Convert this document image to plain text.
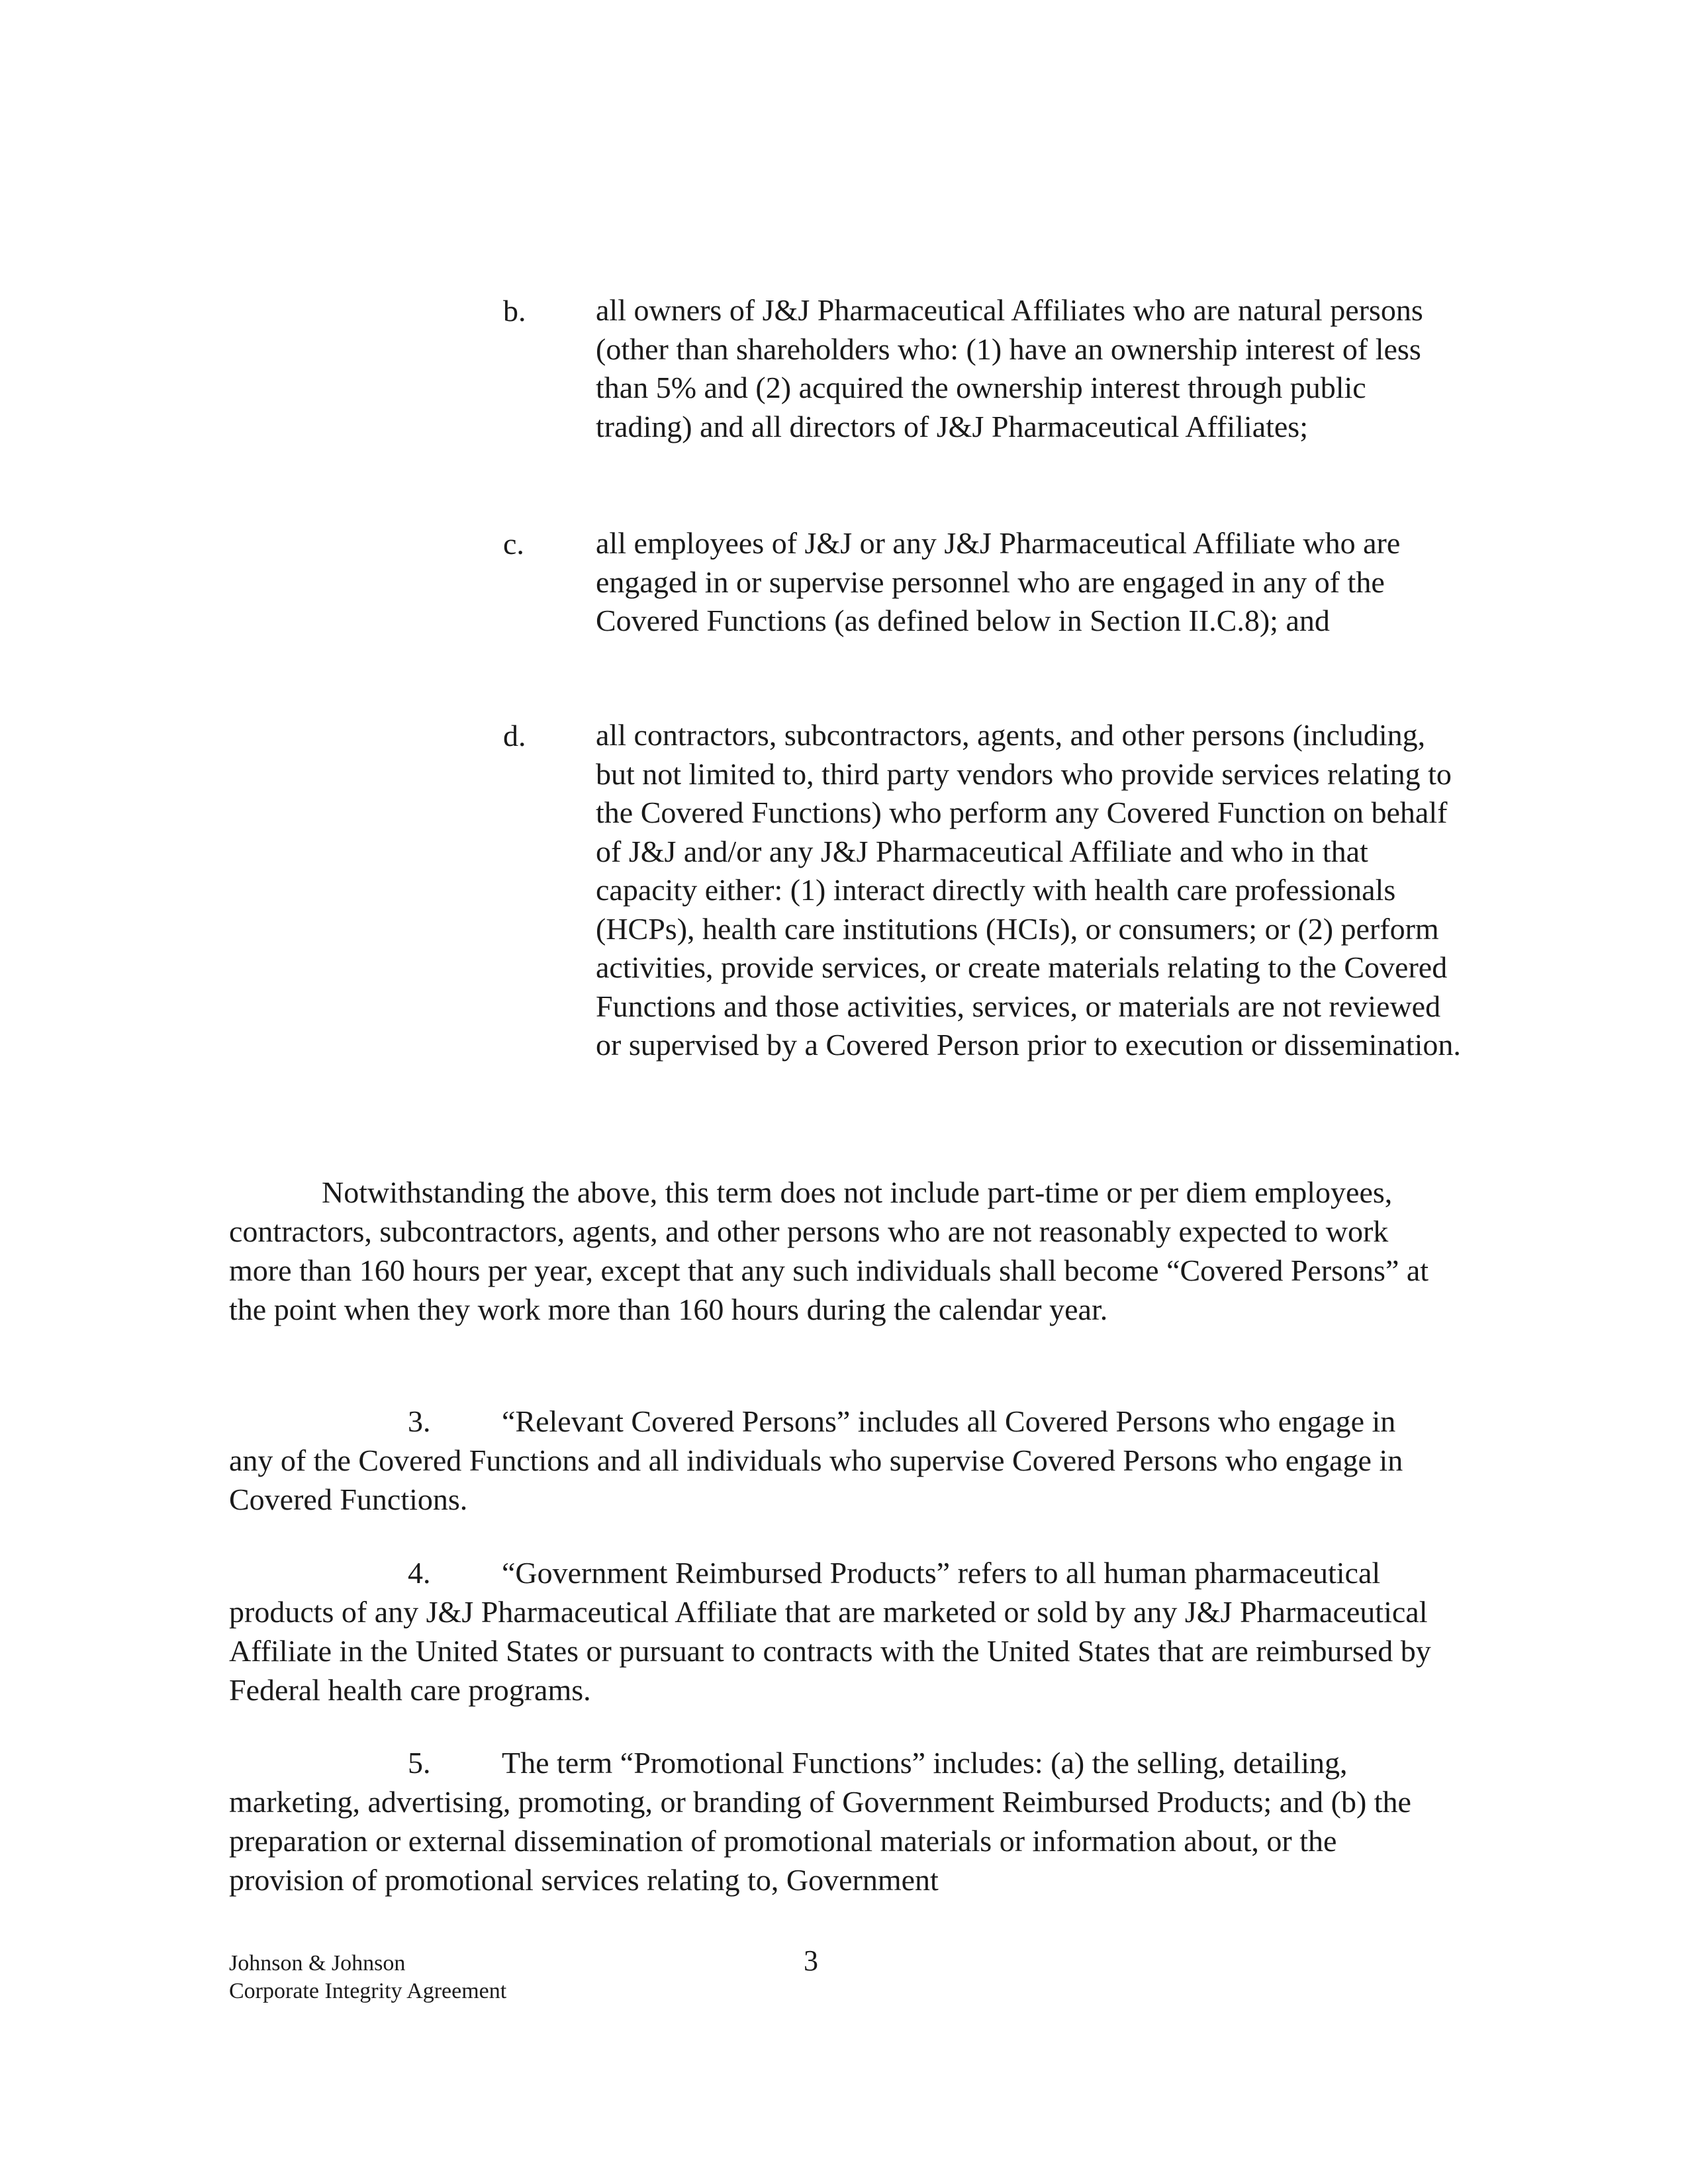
b. all owners of J&J Pharmaceutical Affiliates who are natural persons (other than shareholders who: (1) have an ownership interest of less than 5% and (2) acquired the ownership interest through public trading) and all directors of J&J Pharmaceutical Affiliates;

c. all employees of J&J or any J&J Pharmaceutical Affiliate who are engaged in or supervise personnel who are engaged in any of the Covered Functions (as defined below in Section II.C.8); and

d. all contractors, subcontractors, agents, and other persons (including, but not limited to, third party vendors who provide services relating to the Covered Functions) who perform any Covered Function on behalf of J&J and/or any J&J Pharmaceutical Affiliate and who in that capacity either: (1) interact directly with health care professionals (HCPs), health care institutions (HCIs), or consumers; or (2) perform activities, provide services, or create materials relating to the Covered Functions and those activities, services, or materials are not reviewed or supervised by a Covered Person prior to execution or dissemination.

Notwithstanding the above, this term does not include part-time or per diem employees, contractors, subcontractors, agents, and other persons who are not reasonably expected to work more than 160 hours per year, except that any such individuals shall become “Covered Persons” at the point when they work more than 160 hours during the calendar year.

3. “Relevant Covered Persons” includes all Covered Persons who engage in any of the Covered Functions and all individuals who supervise Covered Persons who engage in Covered Functions.

4. “Government Reimbursed Products” refers to all human pharmaceutical products of any J&J Pharmaceutical Affiliate that are marketed or sold by any J&J Pharmaceutical Affiliate in the United States or pursuant to contracts with the United States that are reimbursed by Federal health care programs.

5. The term “Promotional Functions” includes: (a) the selling, detailing, marketing, advertising, promoting, or branding of Government Reimbursed Products; and (b) the preparation or external dissemination of promotional materials or information about, or the provision of promotional services relating to, Government

Johnson & Johnson
Corporate Integrity Agreement
3
